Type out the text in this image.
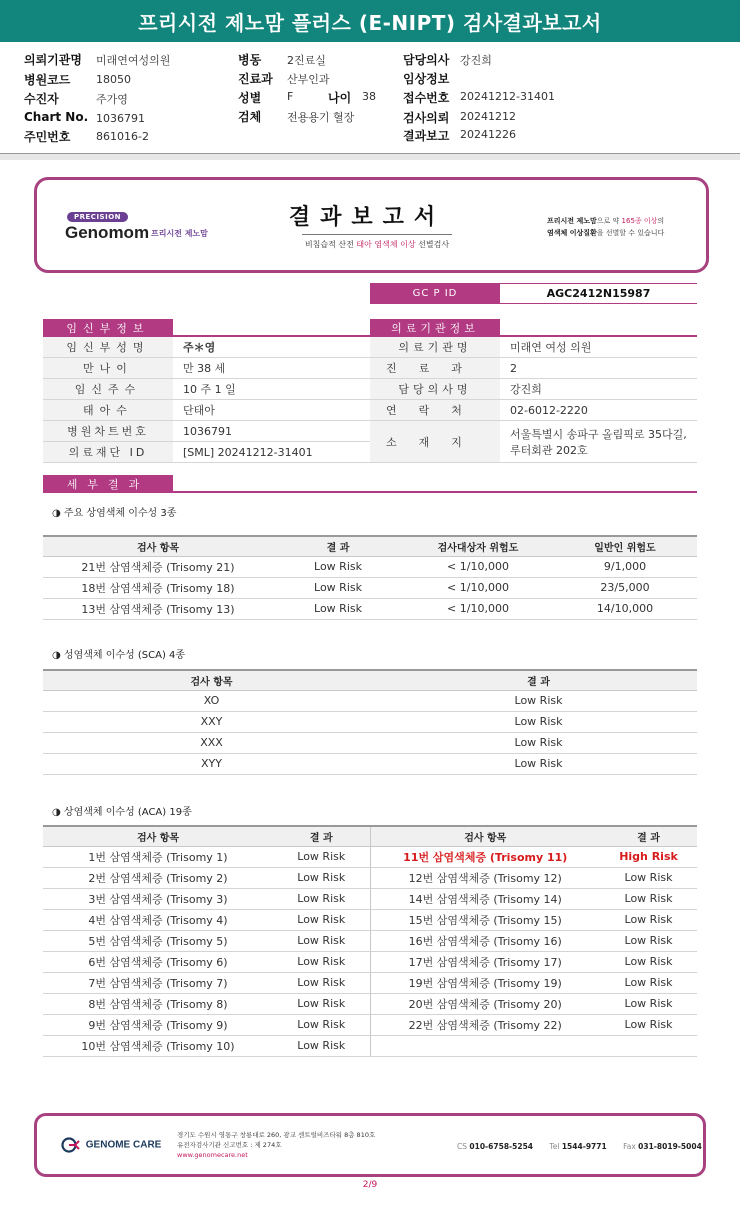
프리시전 제노맘 플러스 (E-NIPT) 검사결과보고서
의뢰기관명 미래연여성의원
병원코드 18050
수진자	주가영
Chart No. 1036791
주민번호 861016-2
병동 2진료실
진료과 산부인과
성별 F	나이 38
검체 전용용기 혈장
담당의사 강진희
임상정보
접수번호 20241212-31401
검사의뢰 20241212
결과보고 20241226
PRECISION
Genomom 프리시전 제노맘
결과보고서
비침습적 산전 태아 염색체 이상 선별검사
프리시전 제노맘으로 약 165종 이상의
염색체 이상질환을 선별할 수 있습니다
GC P ID	AGC2412N15987
임신부정보
임신부성명	주＊영
만나이	만 38 세
임신주수	10 주 1 일
태아수	단태아
병원차트번호	1036791
의료재단 ID	[SML] 20241212-31401
의료기관정보
의료기관명	미래연 여성 의원
진료과	2
담당의사명	강진희
연락처	02-6012-2220
소재지
서울특별시 송파구 올림픽로 35다길,
루터회관 202호
세부결과
◑ 주요 상염색체 이수성 3종
검사 항목	결 과	검사대상자 위험도	일반인 위험도
21번 삼염색체증 (Trisomy 21)	Low Risk	< 1/10,000	9/1,000
18번 삼염색체증 (Trisomy 18)	Low Risk	< 1/10,000	23/5,000
13번 삼염색체증 (Trisomy 13)	Low Risk	< 1/10,000	14/10,000
◑ 성염색체 이수성 (SCA) 4종
검사 항목	결 과
XO	Low Risk
XXY	Low Risk
XXX	Low Risk
XYY	Low Risk
◑ 상염색체 이수성 (ACA) 19종
검사 항목	결 과	검사 항목	결 과
1번 삼염색체증 (Trisomy 1)	Low Risk	11번 삼염색체증 (Trisomy 11)	High Risk
2번 삼염색체증 (Trisomy 2)	Low Risk	12번 삼염색체증 (Trisomy 12)	Low Risk
3번 삼염색체증 (Trisomy 3)	Low Risk	14번 삼염색체증 (Trisomy 14)	Low Risk
4번 삼염색체증 (Trisomy 4)	Low Risk	15번 삼염색체증 (Trisomy 15)	Low Risk
5번 삼염색체증 (Trisomy 5)	Low Risk	16번 삼염색체증 (Trisomy 16)	Low Risk
6번 삼염색체증 (Trisomy 6)	Low Risk	17번 삼염색체증 (Trisomy 17)	Low Risk
7번 삼염색체증 (Trisomy 7)	Low Risk	19번 삼염색체증 (Trisomy 19)	Low Risk
8번 삼염색체증 (Trisomy 8)	Low Risk	20번 삼염색체증 (Trisomy 20)	Low Risk
9번 삼염색체증 (Trisomy 9)	Low Risk	22번 삼염색체증 (Trisomy 22)	Low Risk
10번 삼염색체증 (Trisomy 10)	Low Risk		
GENOME CARE
경기도 수원시 영통구 창룡대로 260, 광교 센트럴비즈타워 8층 810호
유전자검사기관 신고번호 : 제 274호
www.genomecare.net
CS 010-6758-5254 Tel 1544-9771 Fax 031-8019-5004
2/9
